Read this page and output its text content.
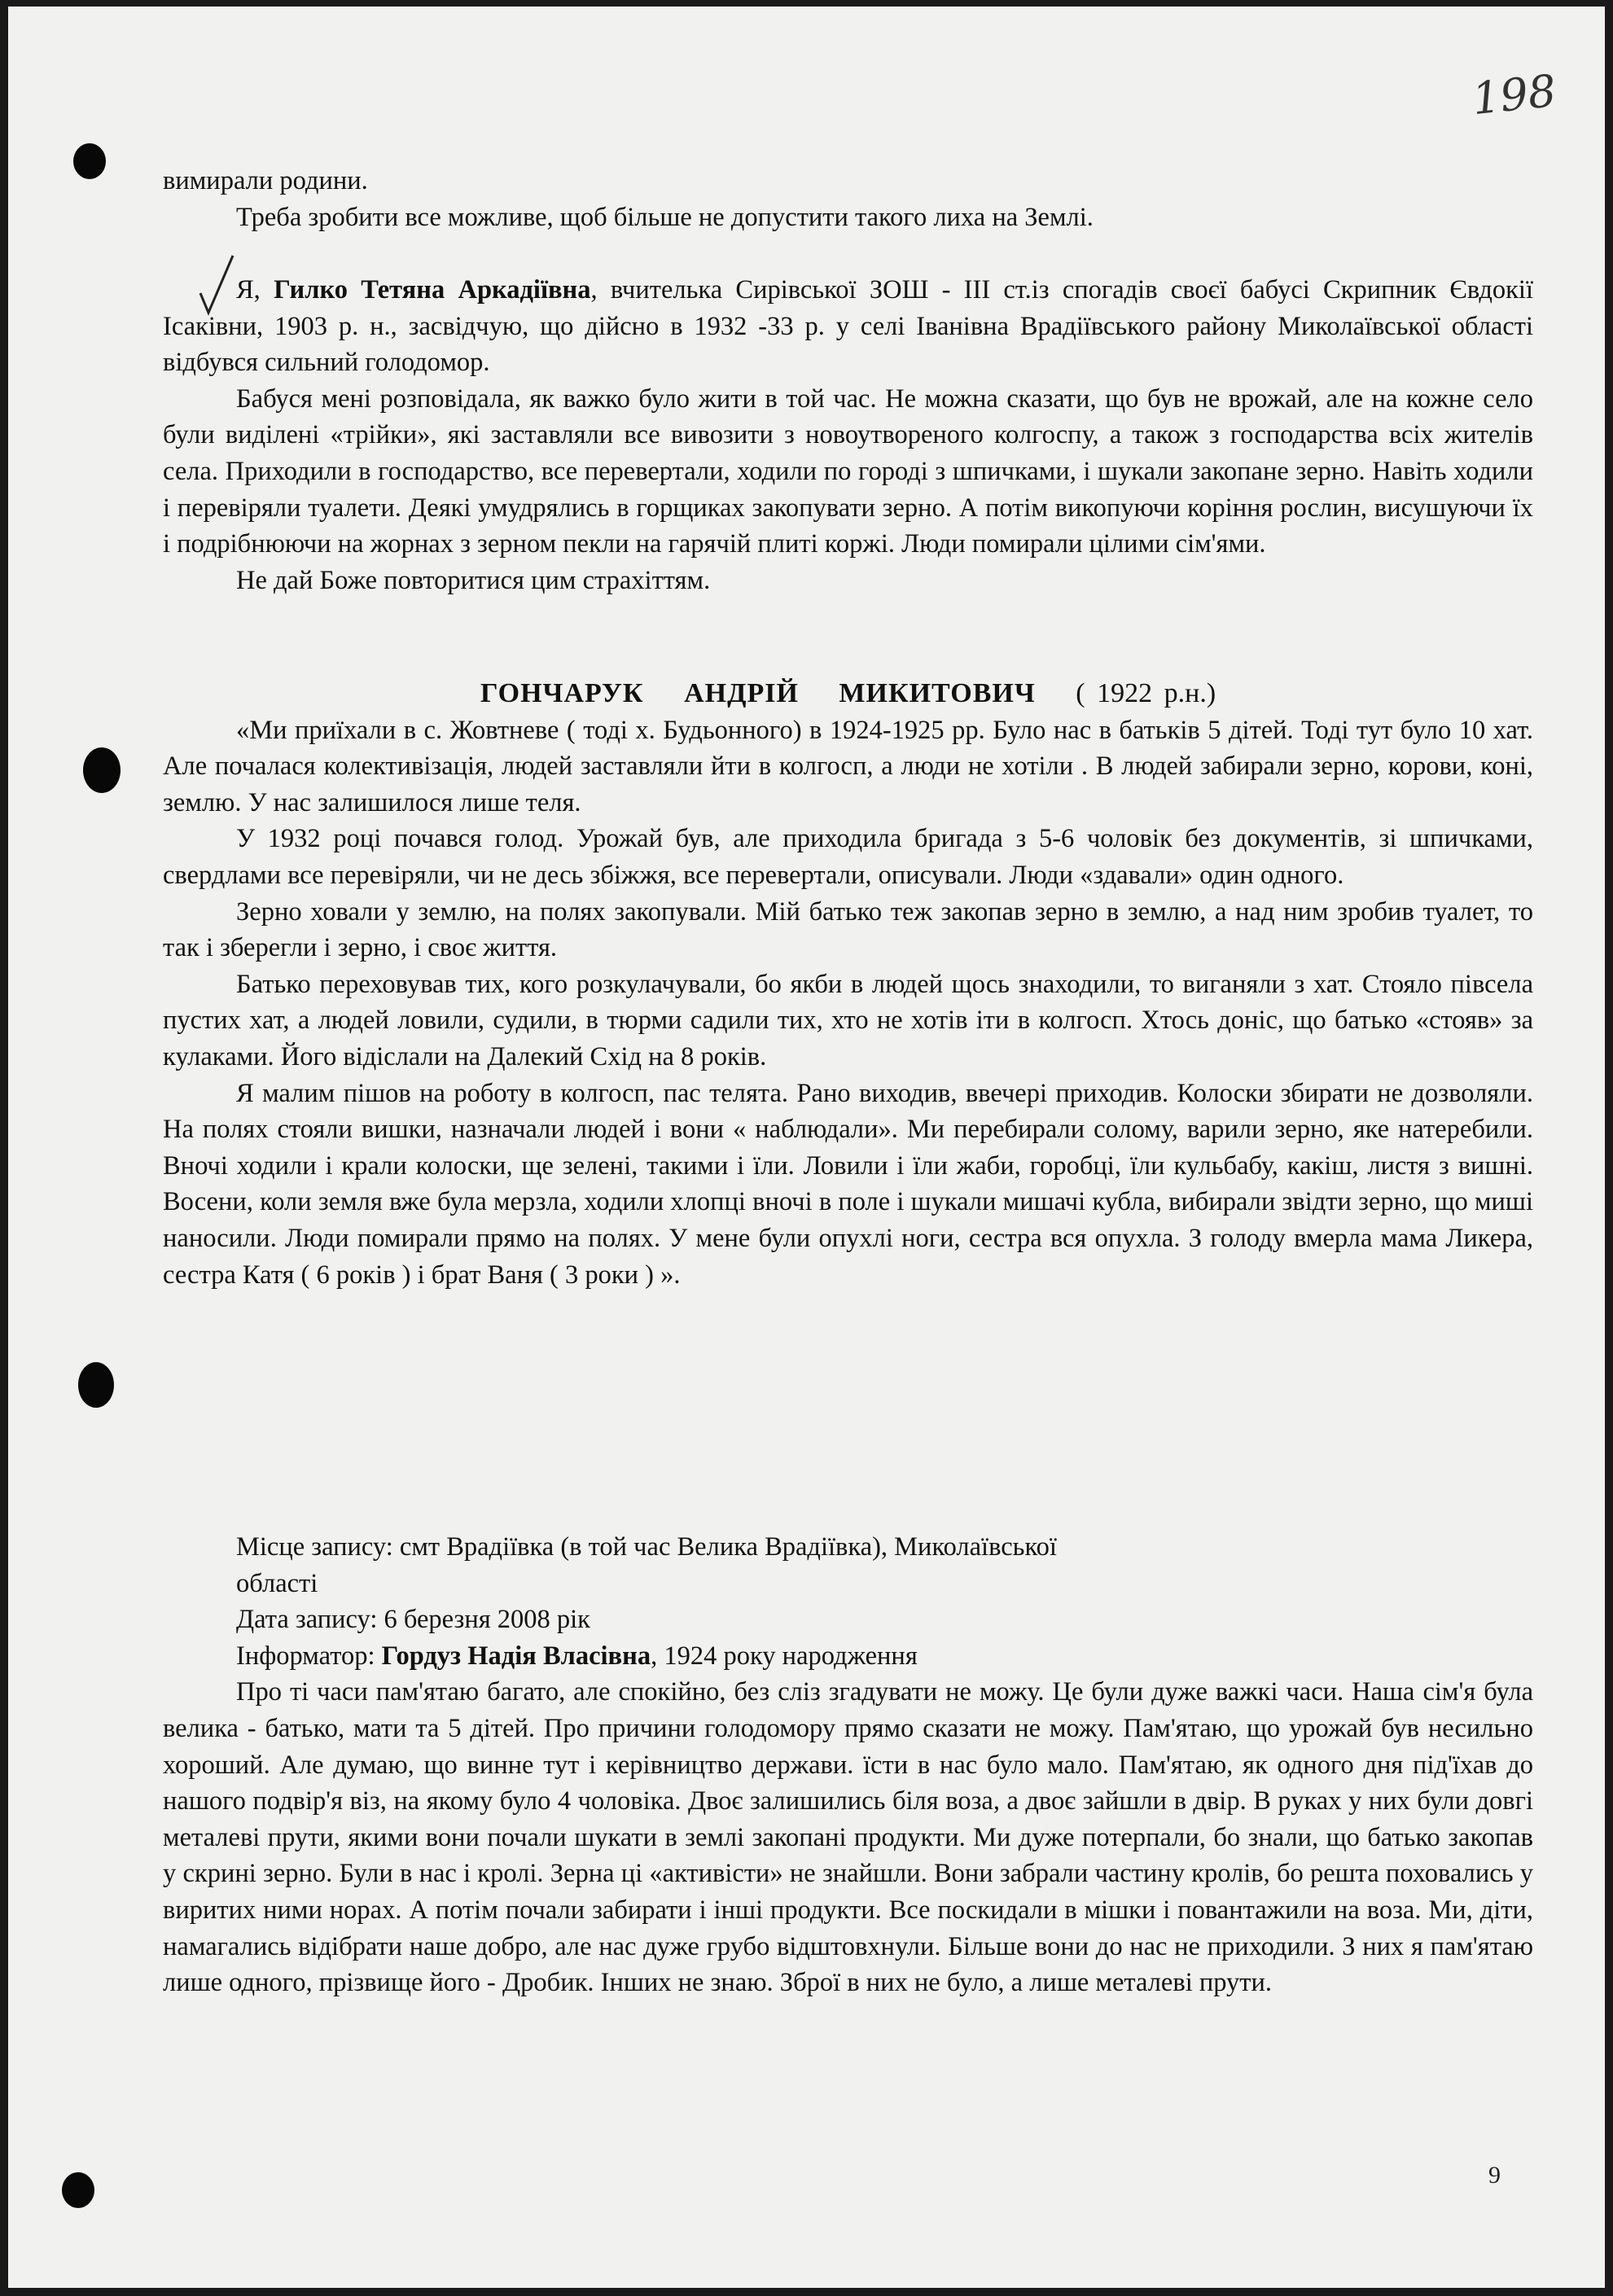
198

вимирали родини.

Треба зробити все можливе, щоб більше не допустити такого лиха на Землі.

Я, Гилко Тетяна Аркадіївна, вчителька Сирівської ЗОШ - III ст.із спогадів своєї бабусі Скрипник Євдокії Ісаківни, 1903 р. н., засвідчую, що дійсно в 1932 -33 р. у селі Іванівна Врадіївського району Миколаївської області відбувся сильний голодомор.

Бабуся мені розповідала, як важко було жити в той час. Не можна сказати, що був не врожай, але на кожне село були виділені «трійки», які заставляли все вивозити з новоутвореного колгоспу, а також з господарства всіх жителів села. Приходили в господарство, все перевертали, ходили по городі з шпичками, і шукали закопане зерно. Навіть ходили і перевіряли туалети. Деякі умудрялись в горщиках закопувати зерно. А потім викопуючи коріння рослин, висушуючи їх і подрібнюючи на жорнах з зерном пекли на гарячій плиті коржі. Люди помирали цілими сім'ями.

Не дай Боже повторитися цим страхіттям.

ГОНЧАРУК АНДРІЙ МИКИТОВИЧ ( 1922 р.н.)

«Ми приїхали в с. Жовтневе ( тоді х. Будьонного) в 1924-1925 рр. Було нас в батьків 5 дітей. Тоді тут було 10 хат. Але почалася колективізація, людей заставляли йти в колгосп, а люди не хотіли . В людей забирали зерно, корови, коні, землю. У нас залишилося лише теля.

У 1932 році почався голод. Урожай був, але приходила бригада з 5-6 чоловік без документів, зі шпичками, свердлами все перевіряли, чи не десь збіжжя, все перевертали, описували. Люди «здавали» один одного.

Зерно ховали у землю, на полях закопували. Мій батько теж закопав зерно в землю, а над ним зробив туалет, то так і зберегли і зерно, і своє життя.

Батько переховував тих, кого розкулачували, бо якби в людей щось знаходили, то виганяли з хат. Стояло півсела пустих хат, а людей ловили, судили, в тюрми садили тих, хто не хотів іти в колгосп. Хтось доніс, що батько «стояв» за кулаками. Його відіслали на Далекий Схід на 8 років.

Я малим пішов на роботу в колгосп, пас телята. Рано виходив, ввечері приходив. Колоски збирати не дозволяли. На полях стояли вишки, назначали людей і вони « наблюдали». Ми перебирали солому, варили зерно, яке натеребили. Вночі ходили і крали колоски, ще зелені, такими і їли. Ловили і їли жаби, горобці, їли кульбабу, какіш, листя з вишні. Восени, коли земля вже була мерзла, ходили хлопці вночі в поле і шукали мишачі кубла, вибирали звідти зерно, що миші наносили. Люди помирали прямо на полях. У мене були опухлі ноги, сестра вся опухла. З голоду вмерла мама Ликера, сестра Катя ( 6 років ) і брат Ваня ( 3 роки ) ».

Місце запису: смт Врадіївка (в той час Велика Врадіївка), Миколаївської

області

Дата запису: 6 березня 2008 рік

Інформатор: Гордуз Надія Власівна, 1924 року народження

Про ті часи пам'ятаю багато, але спокійно, без сліз згадувати не можу. Це були дуже важкі часи. Наша сім'я була велика - батько, мати та 5 дітей. Про причини голодомору прямо сказати не можу. Пам'ятаю, що урожай був несильно хороший. Але думаю, що винне тут і керівництво держави. їсти в нас було мало. Пам'ятаю, як одного дня під'їхав до нашого подвір'я віз, на якому було 4 чоловіка. Двоє залишились біля воза, а двоє зайшли в двір. В руках у них були довгі металеві прути, якими вони почали шукати в землі закопані продукти. Ми дуже потерпали, бо знали, що батько закопав у скрині зерно. Були в нас і кролі. Зерна ці «активісти» не знайшли. Вони забрали частину кролів, бо решта поховались у виритих ними норах. А потім почали забирати і інші продукти. Все поскидали в мішки і повантажили на воза. Ми, діти, намагались відібрати наше добро, але нас дуже грубо відштовхнули. Більше вони до нас не приходили. З них я пам'ятаю лише одного, прізвище його - Дробик. Інших не знаю. Зброї в них не було, а лише металеві прути.

9
